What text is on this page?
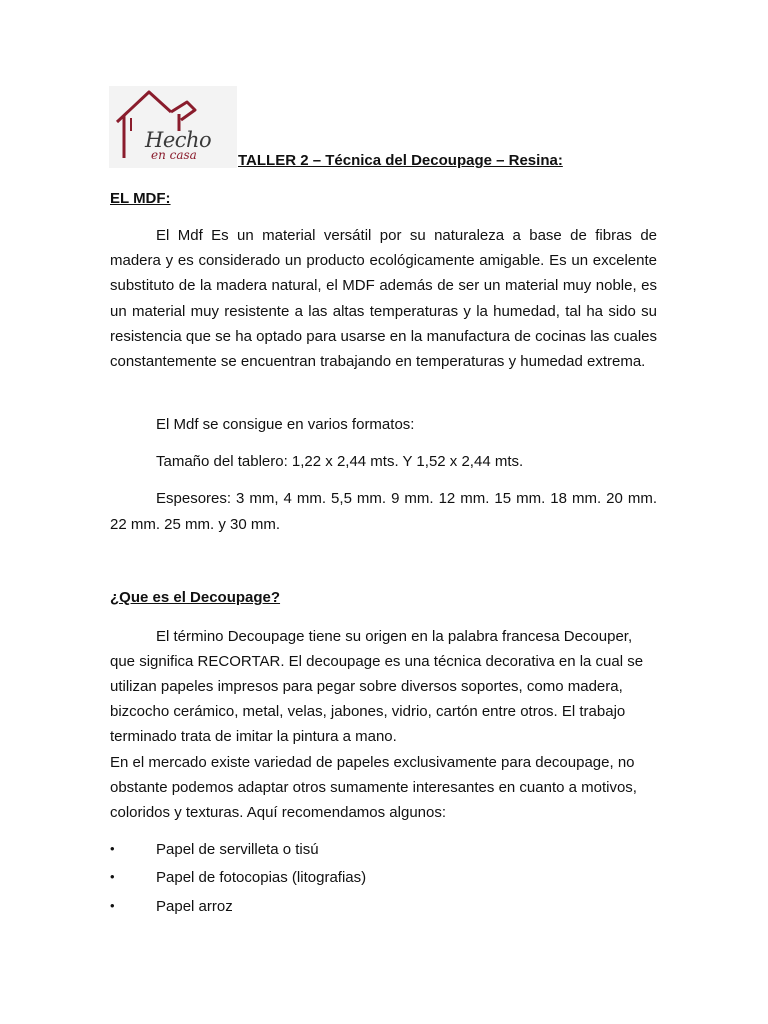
Hecho
en casa	TALLER 2 – Técnica del Decoupage – Resina:
EL MDF:

El Mdf Es un material versátil por su naturaleza a base de fibras de madera y es considerado un producto ecológicamente amigable. Es un excelente substituto de la madera natural, el MDF además de ser un material muy noble, es un material muy resistente a las altas temperaturas y la humedad, tal ha sido su resistencia que se ha optado para usarse en la manufactura de cocinas las cuales constantemente se encuentran trabajando en temperaturas y humedad extrema.

El Mdf se consigue en varios formatos:

Tamaño del tablero: 1,22 x 2,44 mts. Y 1,52 x 2,44 mts.

Espesores: 3 mm, 4 mm. 5,5 mm. 9 mm. 12 mm. 15 mm. 18 mm. 20 mm. 22 mm. 25 mm. y 30 mm.

¿Que es el Decoupage?

El término Decoupage tiene su origen en la palabra francesa Decouper, que significa RECORTAR. El decoupage es una técnica decorativa en la cual se utilizan papeles impresos para pegar sobre diversos soportes, como madera, bizcocho cerámico, metal, velas, jabones, vidrio, cartón entre otros. El trabajo terminado trata de imitar la pintura a mano.

En el mercado existe variedad de papeles exclusivamente para decoupage, no obstante podemos adaptar otros sumamente interesantes en cuanto a motivos, coloridos y texturas. Aquí recomendamos algunos:

•	Papel de servilleta o tisú
•	Papel de fotocopias (litografias)
•	Papel arroz
